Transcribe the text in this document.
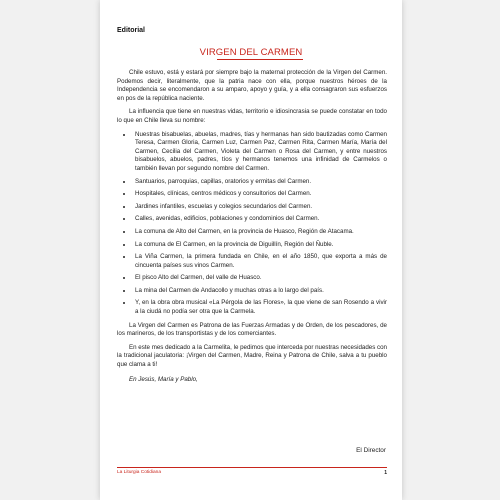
Editorial
VIRGEN DEL CARMEN

Chile estuvo, está y estará por siempre bajo la maternal protección de la Virgen del Carmen. Podemos decir, literalmente, que la patria nace con ella, porque nuestros héroes de la Independencia se encomendaron a su amparo, apoyo y guía, y a ella consagraron sus esfuerzos en pos de la república naciente.

La influencia que tiene en nuestras vidas, territorio e idiosincrasia se puede constatar en todo lo que en Chile lleva su nombre:

• Nuestras bisabuelas, abuelas, madres, tías y hermanas han sido bautizadas como Carmen Teresa, Carmen Gloria, Carmen Luz, Carmen Paz, Carmen Rita, Carmen María, María del Carmen, Cecilia del Carmen, Violeta del Carmen o Rosa del Carmen, y entre nuestros bisabuelos, abuelos, padres, tíos y hermanos tenemos una infinidad de Carmelos o también llevan por segundo nombre del Carmen.
• Santuarios, parroquias, capillas, oratorios y ermitas del Carmen.
• Hospitales, clínicas, centros médicos y consultorios del Carmen.
• Jardines infantiles, escuelas y colegios secundarios del Carmen.
• Calles, avenidas, edificios, poblaciones y condominios del Carmen.
• La comuna de Alto del Carmen, en la provincia de Huasco, Región de Atacama.
• La comuna de El Carmen, en la provincia de Diguillín, Región del Ñuble.
• La Viña Carmen, la primera fundada en Chile, en el año 1850, que exporta a más de cincuenta países sus vinos Carmen.
• El pisco Alto del Carmen, del valle de Huasco.
• La mina del Carmen de Andacollo y muchas otras a lo largo del país.
• Y, en la obra obra musical «La Pérgola de las Flores», la que viene de san Rosendo a vivir a la ciudá no podía ser otra que la Carmela.

La Virgen del Carmen es Patrona de las Fuerzas Armadas y de Orden, de los pescadores, de los marineros, de los transportistas y de los comerciantes.

En este mes dedicado a la Carmelita, le pedimos que interceda por nuestras necesidades con la tradicional jaculatoria: ¡Virgen del Carmen, Madre, Reina y Patrona de Chile, salva a tu pueblo que clama a ti!

En Jesús, María y Pablo,

El Director
La Liturgia Cotidiana	1
